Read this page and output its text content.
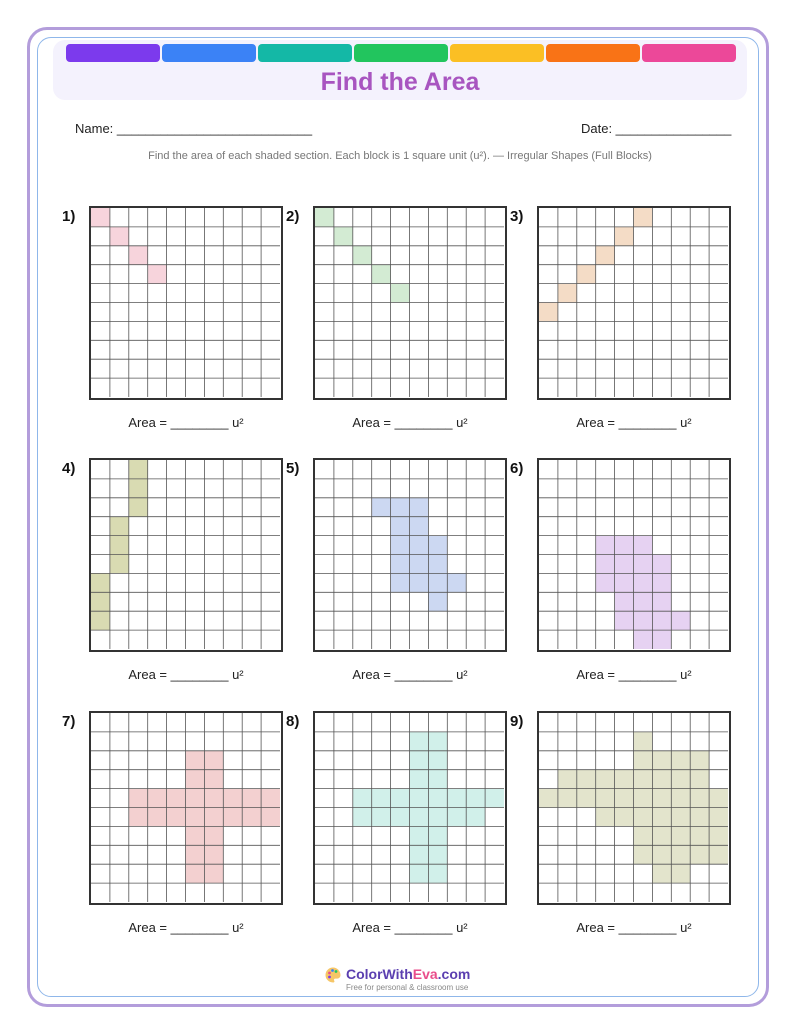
Find the Area
Name: ___________________________	Date: ________________
Find the area of each shaded section. Each block is 1 square unit (u²). — Irregular Shapes (Full Blocks)
1)
Area = ________ u²
2)
Area = ________ u²
3)
Area = ________ u²
4)
Area = ________ u²
5)
Area = ________ u²
6)
Area = ________ u²
7)
Area = ________ u²
8)
Area = ________ u²
9)
Area = ________ u²
ColorWithEva.com
Free for personal & classroom use
